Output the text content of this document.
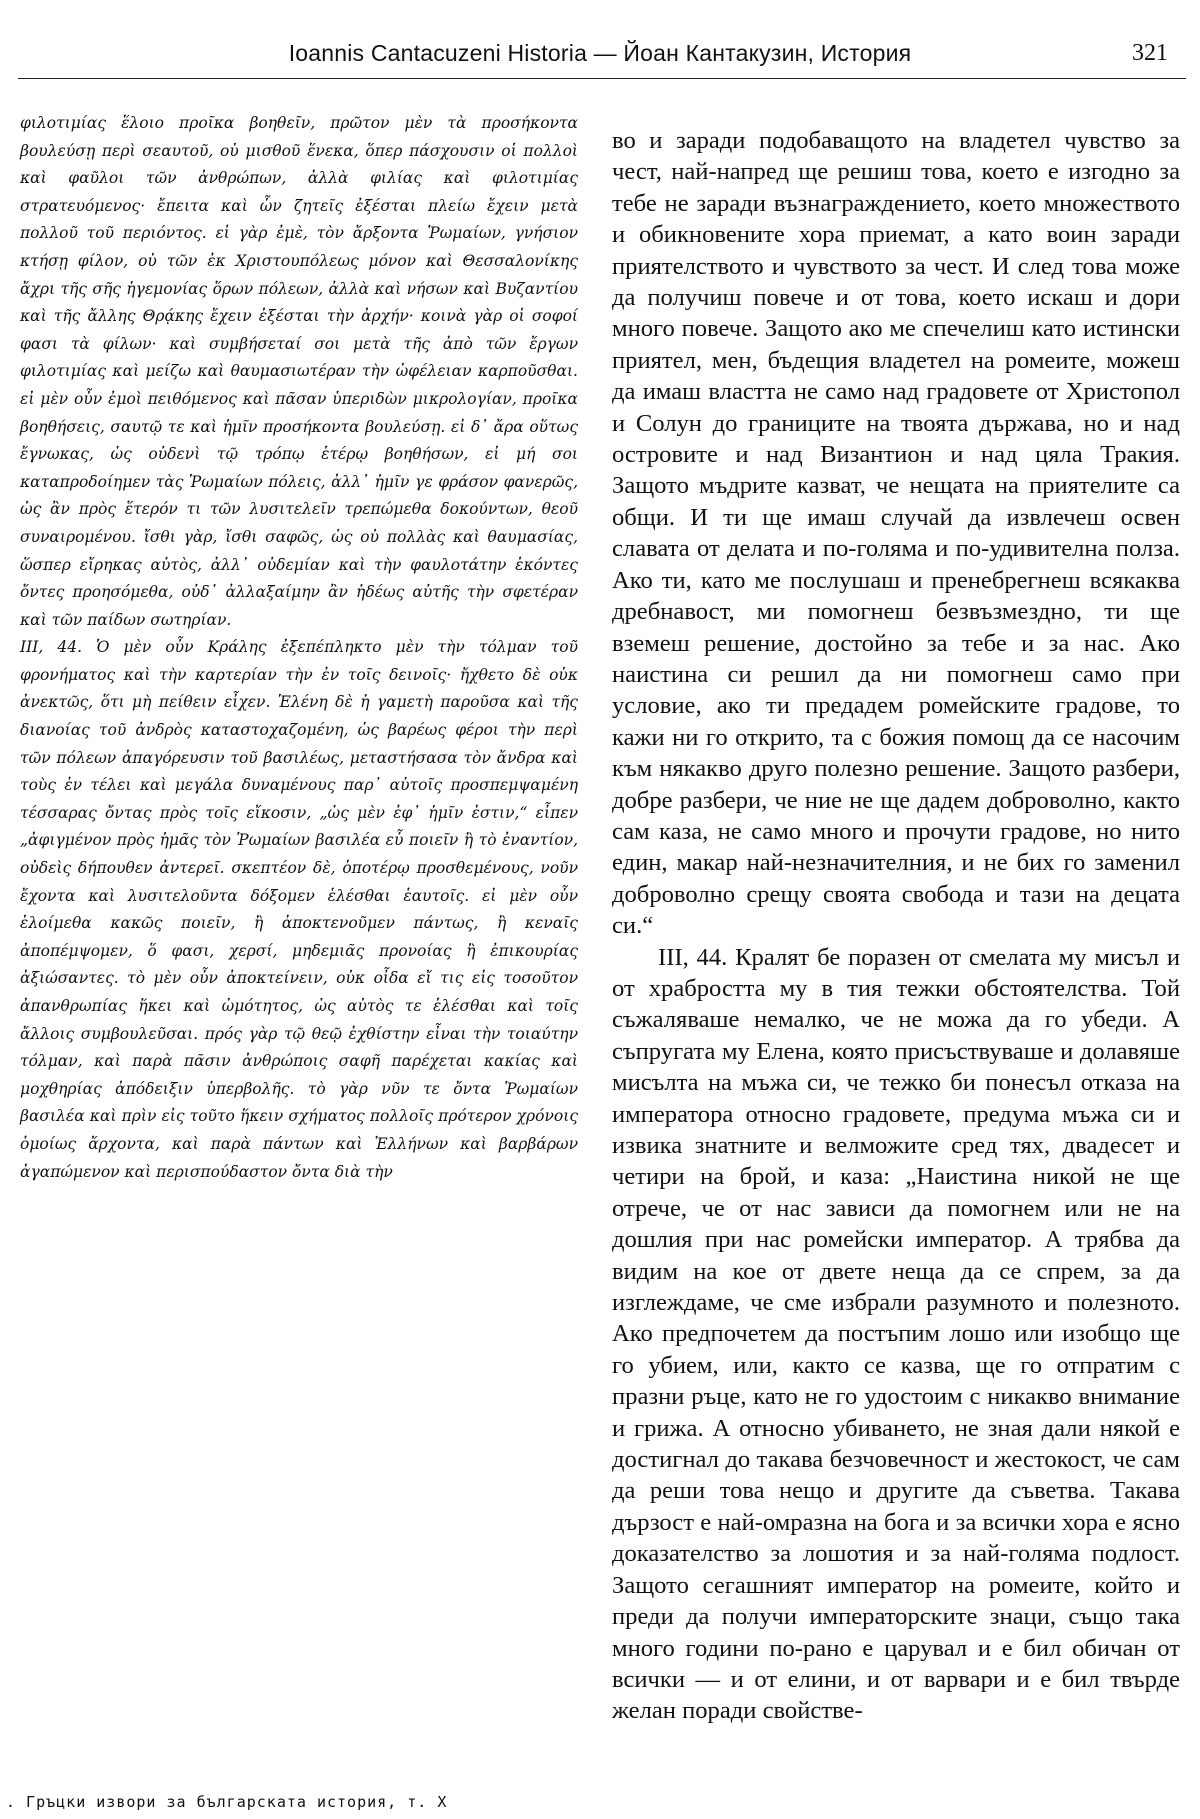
Ioannis Cantacuzeni Historia — Йоан Кантакузин, История	321

φιλοτιμίας ἕλοιο προῖκα βοηθεῖν, πρῶτον μὲν τὰ προσήκοντα βουλεύσῃ περὶ σεαυτοῦ, οὐ μισθοῦ ἕνεκα, ὅπερ πάσχουσιν οἱ πολλοὶ καὶ φαῦλοι τῶν ἀνθρώπων, ἀλλὰ φιλίας καὶ φιλοτιμίας στρατευόμενος· ἔπειτα καὶ ὧν ζητεῖς ἐξέσται πλείω ἔχειν μετὰ πολλοῦ τοῦ περιόντος. εἰ γὰρ ἐμὲ, τὸν ἄρξοντα Ῥωμαίων, γνήσιον κτήσῃ φίλον, οὐ τῶν ἐκ Χριστουπόλεως μόνον καὶ Θεσσαλονίκης ἄχρι τῆς σῆς ἡγεμονίας ὅρων πόλεων, ἀλλὰ καὶ νήσων καὶ Βυζαντίου καὶ τῆς ἄλλης Θρᾴκης ἔχειν ἐξέσται τὴν ἀρχήν· κοινὰ γὰρ οἱ σοφοί φασι τὰ φίλων· καὶ συμβήσεταί σοι μετὰ τῆς ἀπὸ τῶν ἔργων φιλοτιμίας καὶ μείζω καὶ θαυμασιωτέραν τὴν ὠφέλειαν καρποῦσθαι. εἰ μὲν οὖν ἐμοὶ πειθόμενος καὶ πᾶσαν ὑπεριδὼν μικρολογίαν, προῖκα βοηθήσεις, σαυτῷ τε καὶ ἡμῖν προσήκοντα βουλεύσῃ. εἰ δ᾿ ἄρα οὕτως ἔγνωκας, ὡς οὐδενὶ τῷ τρόπῳ ἑτέρῳ βοηθήσων, εἰ μή σοι καταπροδοίημεν τὰς Ῥωμαίων πόλεις, ἀλλ᾿ ἡμῖν γε φράσον φανερῶς, ὡς ἂν πρὸς ἕτερόν τι τῶν λυσιτελεῖν τρεπώμεθα δοκούντων, θεοῦ συναιρομένου. ἴσθι γὰρ, ἴσθι σαφῶς, ὡς οὐ πολλὰς καὶ θαυμασίας, ὥσπερ εἴρηκας αὐτὸς, ἀλλ᾿ οὐδεμίαν καὶ τὴν φαυλοτάτην ἑκόντες ὄντες προησόμεθα, οὐδ᾿ ἀλλαξαίμην ἂν ἡδέως αὐτῆς τὴν σφετέραν καὶ τῶν παίδων σωτηρίαν.

III, 44. Ὁ μὲν οὖν Κράλης ἐξεπέπληκτο μὲν τὴν τόλμαν τοῦ φρονήματος καὶ τὴν καρτερίαν τὴν ἐν τοῖς δεινοῖς· ἤχθετο δὲ οὐκ ἀνεκτῶς, ὅτι μὴ πείθειν εἶχεν. Ἑλένη δὲ ἡ γαμετὴ παροῦσα καὶ τῆς διανοίας τοῦ ἀνδρὸς καταστοχαζομένη, ὡς βαρέως φέροι τὴν περὶ τῶν πόλεων ἀπαγόρευσιν τοῦ βασιλέως, μεταστήσασα τὸν ἄνδρα καὶ τοὺς ἐν τέλει καὶ μεγάλα δυναμένους παρ᾿ αὐτοῖς προσπεμψαμένη τέσσαρας ὄντας πρὸς τοῖς εἴκοσιν, „ὡς μὲν ἐφ᾿ ἡμῖν ἐστιν,“ εἶπεν „ἀφιγμένον πρὸς ἡμᾶς τὸν Ῥωμαίων βασιλέα εὖ ποιεῖν ἢ τὸ ἐναντίον, οὐδεὶς δήπουθεν ἀντερεῖ. σκεπτέον δὲ, ὁποτέρῳ προσθεμένους, νοῦν ἔχοντα καὶ λυσιτελοῦντα δόξομεν ἑλέσθαι ἑαυτοῖς. εἰ μὲν οὖν ἑλοίμεθα κακῶς ποιεῖν, ἢ ἀποκτενοῦμεν πάντως, ἢ κεναῖς ἀποπέμψομεν, ὅ φασι, χερσί, μηδεμιᾶς προνοίας ἢ ἐπικουρίας ἀξιώσαντες. τὸ μὲν οὖν ἀποκτείνειν, οὐκ οἶδα εἴ τις εἰς τοσοῦτον ἀπανθρωπίας ἥκει καὶ ὠμότητος, ὡς αὐτὸς τε ἑλέσθαι καὶ τοῖς ἄλλοις συμβουλεῦσαι. πρός γὰρ τῷ θεῷ ἐχθίστην εἶναι τὴν τοιαύτην τόλμαν, καὶ παρὰ πᾶσιν ἀνθρώποις σαφῆ παρέχεται κακίας καὶ μοχθηρίας ἀπόδειξιν ὑπερβολῆς. τὸ γὰρ νῦν τε ὄντα Ῥωμαίων βασιλέα καὶ πρὶν εἰς τοῦτο ἥκειν σχήματος πολλοῖς πρότερον χρόνοις ὁμοίως ἄρχοντα, καὶ παρὰ πάντων καὶ Ἑλλήνων καὶ βαρβάρων ἀγαπώμενον καὶ περισπούδαστον ὄντα διὰ τὴν

во и заради подобаващото на владетел чувство за чест, най-напред ще решиш това, което е изгодно за тебе не заради възнаграждението, което множеството и обикновените хора приемат, а като воин заради приятелството и чувството за чест. И след това може да получиш повече и от това, което искаш и дори много повече. Защото ако ме спечелиш като истински приятел, мен, бъдещия владетел на ромеите, можеш да имаш властта не само над градовете от Христопол и Солун до границите на твоята държава, но и над островите и над Византион и над цяла Тракия. Защото мъдрите казват, че нещата на приятелите са общи. И ти ще имаш случай да извлечеш освен славата от делата и по-голяма и по-удивителна полза. Ако ти, като ме послушаш и пренебрегнеш всякаква дребнавост, ми помогнеш безвъзмездно, ти ще вземеш решение, достойно за тебе и за нас. Ако наистина си решил да ни помогнеш само при условие, ако ти предадем ромейските градове, то кажи ни го открито, та с божия помощ да се насочим към някакво друго полезно решение. Защото разбери, добре разбери, че ние не ще дадем доброволно, както сам каза, не само много и прочути градове, но нито един, макар най-незначителния, и не бих го заменил доброволно срещу своята свобода и тази на децата си.“

III, 44. Кралят бе поразен от смелата му мисъл и от храбростта му в тия тежки обстоятелства. Той съжаляваше немалко, че не можа да го убеди. А съпругата му Елена, която присъствуваше и долавяше мисълта на мъжа си, че тежко би понесъл отказа на императора относно градовете, предума мъжа си и извика знатните и велможите сред тях, двадесет и четири на брой, и каза: „Наистина никой не ще отрече, че от нас зависи да помогнем или не на дошлия при нас ромейски император. А трябва да видим на кое от двете неща да се спрем, за да изглеждаме, че сме избрали разумното и полезното. Ако предпочетем да постъпим лошо или изобщо ще го убием, или, както се казва, ще го отпратим с празни ръце, като не го удостоим с никакво внимание и грижа. А относно убиването, не зная дали някой е достигнал до такава безчовечност и жестокост, че сам да реши това нещо и другите да съветва. Такава дързост е най-омразна на бога и за всички хора е ясно доказателство за лошотия и за най-голяма подлост. Защото сегашният император на ромеите, който и преди да получи императорските знаци, също така много години по-рано е царувал и е бил обичан от всички — и от елини, и от варвари и е бил твърде желан поради свойстве-

. Гръцки извори за българската история, т. X
